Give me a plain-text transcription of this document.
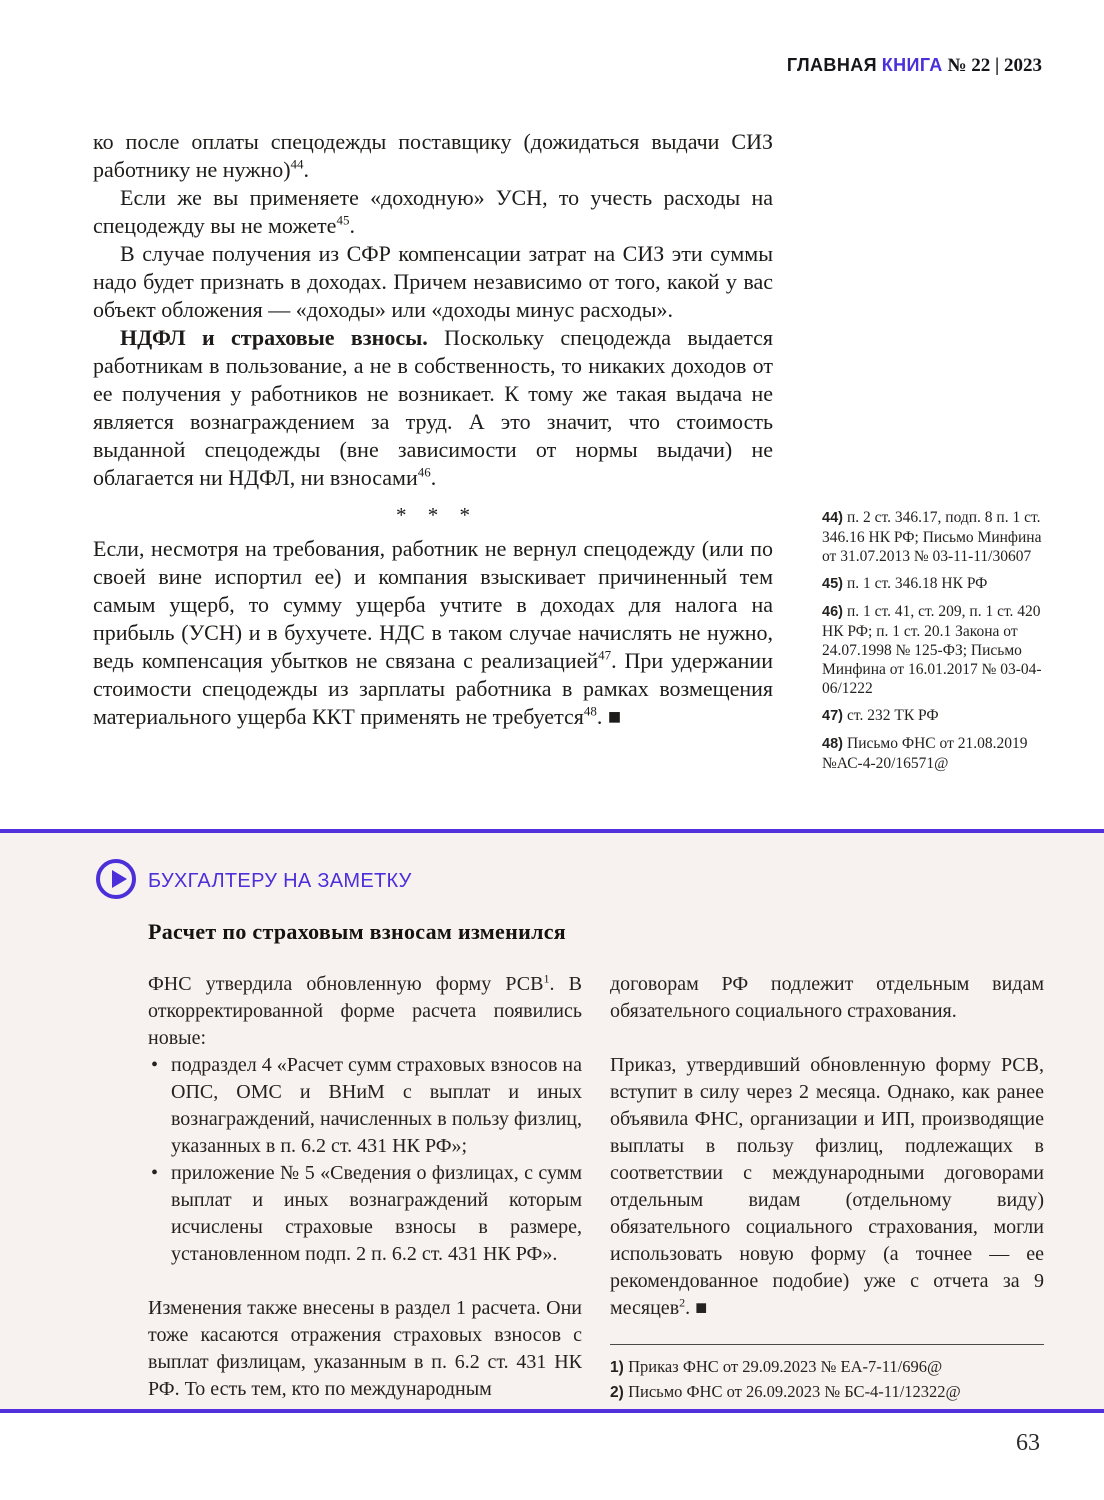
ГЛАВНАЯ КНИГА № 22 | 2023

ко после оплаты спецодежды поставщику (дожидаться выдачи СИЗ работнику не нужно)$^{44}$.

Если же вы применяете «доходную» УСН, то учесть расходы на спецодежду вы не можете$^{45}$.

В случае получения из СФР компенсации затрат на СИЗ эти суммы надо будет признать в доходах. Причем независимо от того, какой у вас объект обложения — «доходы» или «доходы минус расходы».

НДФЛ и страховые взносы. Поскольку спецодежда выдается работникам в пользование, а не в собственность, то никаких доходов от ее получения у работников не возникает. К тому же такая выдача не является вознаграждением за труд. А это значит, что стоимость выданной спецодежды (вне зависимости от нормы выдачи) не облагается ни НДФЛ, ни взносами$^{46}$.

* * *

Если, несмотря на требования, работник не вернул спецодежду (или по своей вине испортил ее) и компания взыскивает причиненный тем самым ущерб, то сумму ущерба учтите в доходах для налога на прибыль (УСН) и в бухучете. НДС в таком случае начислять не нужно, ведь компенсация убытков не связана с реализацией$^{47}$. При удержании стоимости спецодежды из зарплаты работника в рамках возмещения материального ущерба ККТ применять не требуется$^{48}$. ■

44) п. 2 ст. 346.17, подп. 8 п. 1 ст. 346.16 НК РФ; Письмо Минфина от 31.07.2013 № 03-11-11/30607
45) п. 1 ст. 346.18 НК РФ
46) п. 1 ст. 41, ст. 209, п. 1 ст. 420 НК РФ; п. 1 ст. 20.1 Закона от 24.07.1998 № 125-ФЗ; Письмо Минфина от 16.01.2017 № 03-04-06/1222
47) ст. 232 ТК РФ
48) Письмо ФНС от 21.08.2019 №АС-4-20/16571@
БУХГАЛТЕРУ НА ЗАМЕТКУ
Расчет по страховым взносам изменился

ФНС утвердила обновленную форму РСВ$^1$. В откорректированной форме расчета появились новые:

• подраздел 4 «Расчет сумм страховых взносов на ОПС, ОМС и ВНиМ с выплат и иных вознаграждений, начисленных в пользу физлиц, указанных в п. 6.2 ст. 431 НК РФ»;
• приложение № 5 «Сведения о физлицах, с сумм выплат и иных вознаграждений которым исчислены страховые взносы в размере, установленном подп. 2 п. 6.2 ст. 431 НК РФ».

Изменения также внесены в раздел 1 расчета. Они тоже касаются отражения страховых взносов с выплат физлицам, указанным в п. 6.2 ст. 431 НК РФ. То есть тем, кто по международным

договорам РФ подлежит отдельным видам обязательного социального страхования.

Приказ, утвердивший обновленную форму РСВ, вступит в силу через 2 месяца. Однако, как ранее объявила ФНС, организации и ИП, производящие выплаты в пользу физлиц, подлежащих в соответствии с международными договорами отдельным видам (отдельному виду) обязательного социального страхования, могли использовать новую форму (а точнее — ее рекомендованное подобие) уже с отчета за 9 месяцев$^2$. ■

1) Приказ ФНС от 29.09.2023 № ЕА-7-11/696@
2) Письмо ФНС от 26.09.2023 № БС-4-11/12322@
63
